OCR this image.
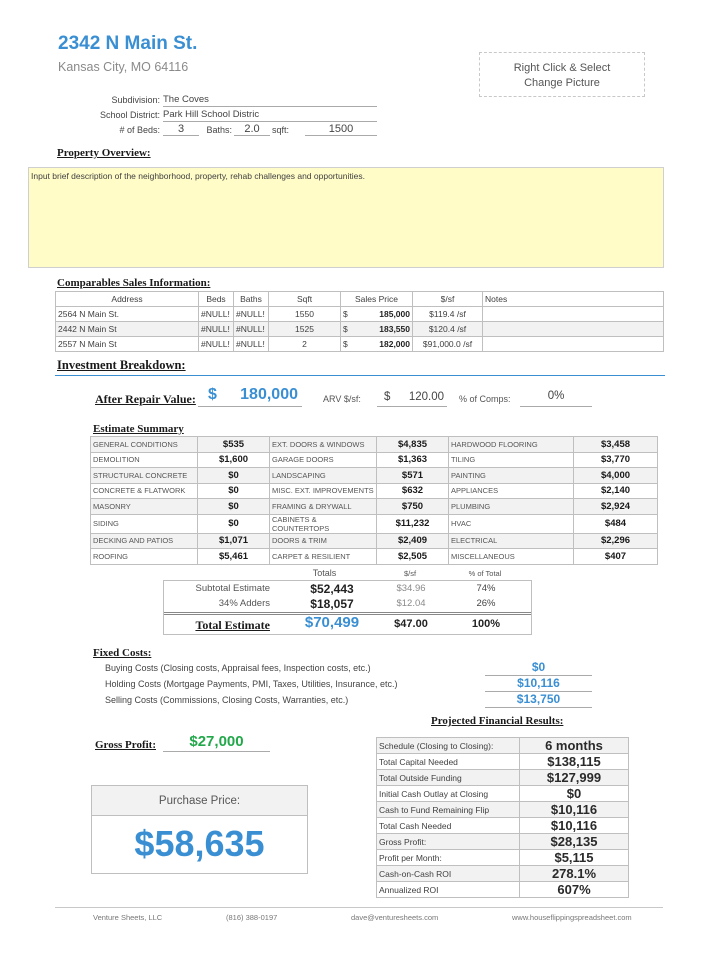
2342 N Main St.
Kansas City, MO 64116	Right Click & Select
Change Picture
Subdivision: The Coves
School District: Park Hill School Distric
# of Beds:	3	Baths:	2.0	sqft:	1500
Property Overview:
Input brief description of the neighborhood, property, rehab challenges and opportunities.
Comparables Sales Information:
Address	Beds	Baths	Sqft	Sales Price	$/sf	Notes
2564 N Main St.	#NULL!	#NULL!	1550	$ 185,000	$119.4 /sf	
2442 N Main St	#NULL!	#NULL!	1525	$ 183,550	$120.4 /sf	
2557 N Main St	#NULL!	#NULL!	2	$ 182,000	$91,000.0 /sf	
Investment Breakdown:
After Repair Value: $ 180,000	ARV $/sf: $ 120.00 % of Comps:	0%
Estimate Summary
GENERAL CONDITIONS	$535	EXT. DOORS & WINDOWS	$4,835	HARDWOOD FLOORING	$3,458
DEMOLITION	$1,600	GARAGE DOORS	$1,363	TILING	$3,770
STRUCTURAL CONCRETE	$0	LANDSCAPING	$571	PAINTING	$4,000
CONCRETE & FLATWORK	$0	MISC. EXT. IMPROVEMENTS	$632	APPLIANCES	$2,140
MASONRY	$0	FRAMING & DRYWALL	$750	PLUMBING	$2,924
SIDING	$0	CABINETS & COUNTERTOPS	$11,232	HVAC	$484
DECKING AND PATIOS	$1,071	DOORS & TRIM	$2,409	ELECTRICAL	$2,296
ROOFING	$5,461	CARPET & RESILIENT	$2,505	MISCELLANEOUS	$407
Totals	$/sf	% of Total
Subtotal Estimate	$52,443	$34.96	74%
34% Adders	$18,057	$12.04	26%
Total Estimate	$70,499	$47.00	100%
Fixed Costs:
Buying Costs (Closing costs, Appraisal fees, Inspection costs, etc.)	$0
Holding Costs (Mortgage Payments, PMI, Taxes, Utilities, Insurance, etc.)	$10,116
Selling Costs (Commissions, Closing Costs, Warranties, etc.)	$13,750
Gross Profit:	$27,000
Purchase Price:
$58,635
Projected Financial Results:
Schedule (Closing to Closing):	6 months
Total Capital Needed	$138,115
Total Outside Funding	$127,999
Initial Cash Outlay at Closing	$0
Cash to Fund Remaining Flip	$10,116
Total Cash Needed	$10,116
Gross Profit:	$28,135
Profit per Month:	$5,115
Cash-on-Cash ROI	278.1%
Annualized ROI	607%
Venture Sheets, LLC	(816) 388-0197	dave@venturesheets.com	www.houseflippingspreadsheet.com
